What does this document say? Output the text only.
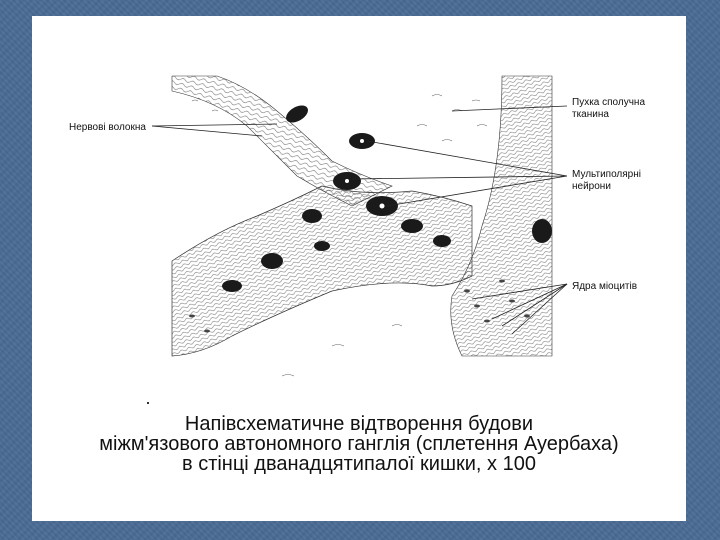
Нервові волокна
Пухка сполучна
тканина
Мультиполярні
нейрони
Ядра міоцитів
Напівсхематичне відтворення будови
міжм'язового автономного ганглія (сплетення Ауербаха)
в стінці дванадцятипалої кишки, х 100
